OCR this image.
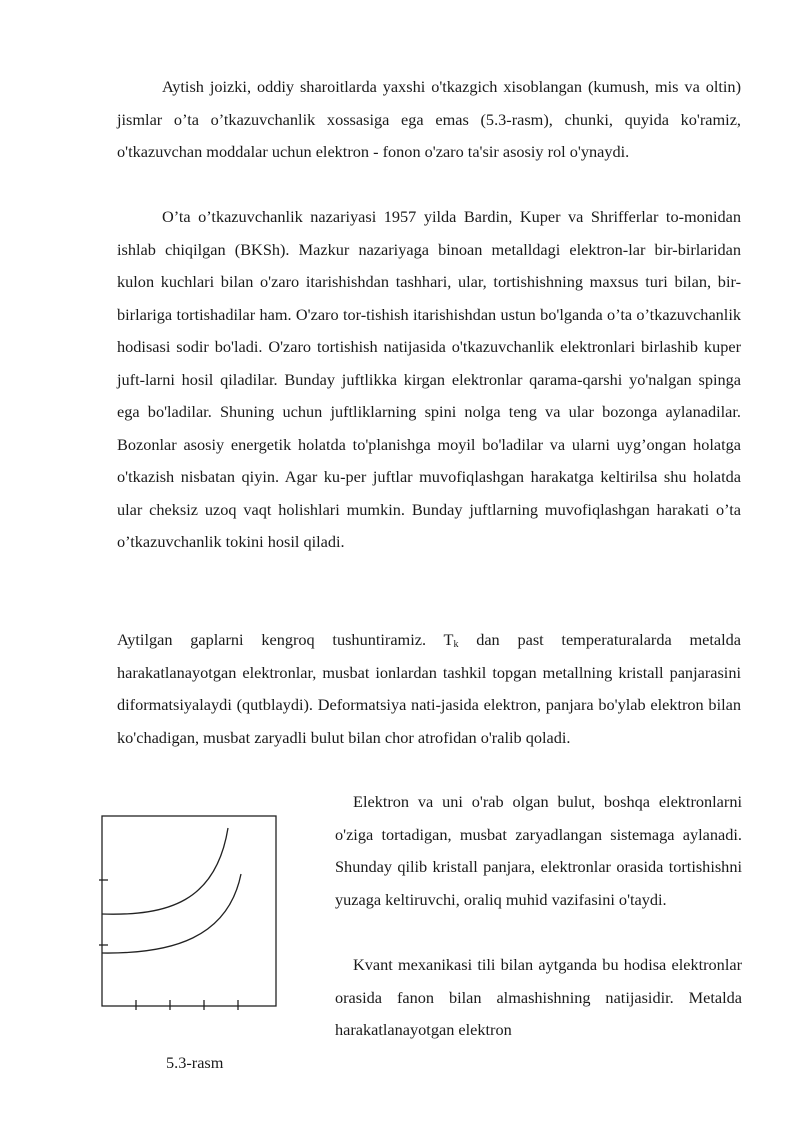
Aytish joizki, oddiy sharoitlarda yaxshi o'tkazgich xisoblangan (kumush, mis va oltin) jismlar o’ta o’tkazuvchanlik xossasiga ega emas (5.3-rasm), chunki, quyida ko'ramiz, o'tkazuvchan moddalar uchun elektron - fonon o'zaro ta'sir asosiy rol o'ynaydi.

O’ta o’tkazuvchanlik nazariyasi 1957 yilda Bardin, Kuper va Shrifferlar to-monidan ishlab chiqilgan (BKSh). Mazkur nazariyaga binoan metalldagi elektron-lar bir-birlaridan kulon kuchlari bilan o'zaro itarishishdan tashhari, ular, tortishishning maxsus turi bilan, bir-birlariga tortishadilar ham. O'zaro tor-tishish itarishishdan ustun bo'lganda o’ta o’tkazuvchanlik hodisasi sodir bo'ladi. O'zaro tortishish natijasida o'tkazuvchanlik elektronlari birlashib kuper juft-larni hosil qiladilar. Bunday juftlikka kirgan elektronlar qarama-qarshi yo'nalgan spinga ega bo'ladilar. Shuning uchun juftliklarning spini nolga teng va ular bozonga aylanadilar. Bozonlar asosiy energetik holatda to'planishga moyil bo'ladilar va ularni uyg’ongan holatga o'tkazish nisbatan qiyin. Agar ku-per juftlar muvofiqlashgan harakatga keltirilsa shu holatda ular cheksiz uzoq vaqt holishlari mumkin. Bunday juftlarning muvofiqlashgan harakati o’ta o’tkazuvchanlik tokini hosil qiladi.

Aytilgan gaplarni kengroq tushuntiramiz. $T_k$ dan past temperaturalarda metalda harakatlanayotgan elektronlar, musbat ionlardan tashkil topgan metallning kristall panjarasini diformatsiyalaydi (qutblaydi). Deformatsiya nati-jasida elektron, panjara bo'ylab elektron bilan ko'chadigan, musbat zaryadli bulut bilan chor atrofidan o'ralib qoladi.

Elektron va uni o'rab olgan bulut, boshqa elektronlarni o'ziga tortadigan, musbat zaryadlangan sistemaga aylanadi. Shunday qilib kristall panjara, elektronlar orasida tortishishni yuzaga keltiruvchi, oraliq muhid vazifasini o'taydi.

Kvant mexanikasi tili bilan aytganda bu hodisa elektronlar orasida fanon bilan almashishning natijasidir. Metalda harakatlanayotgan elektron

5.3-rasm
